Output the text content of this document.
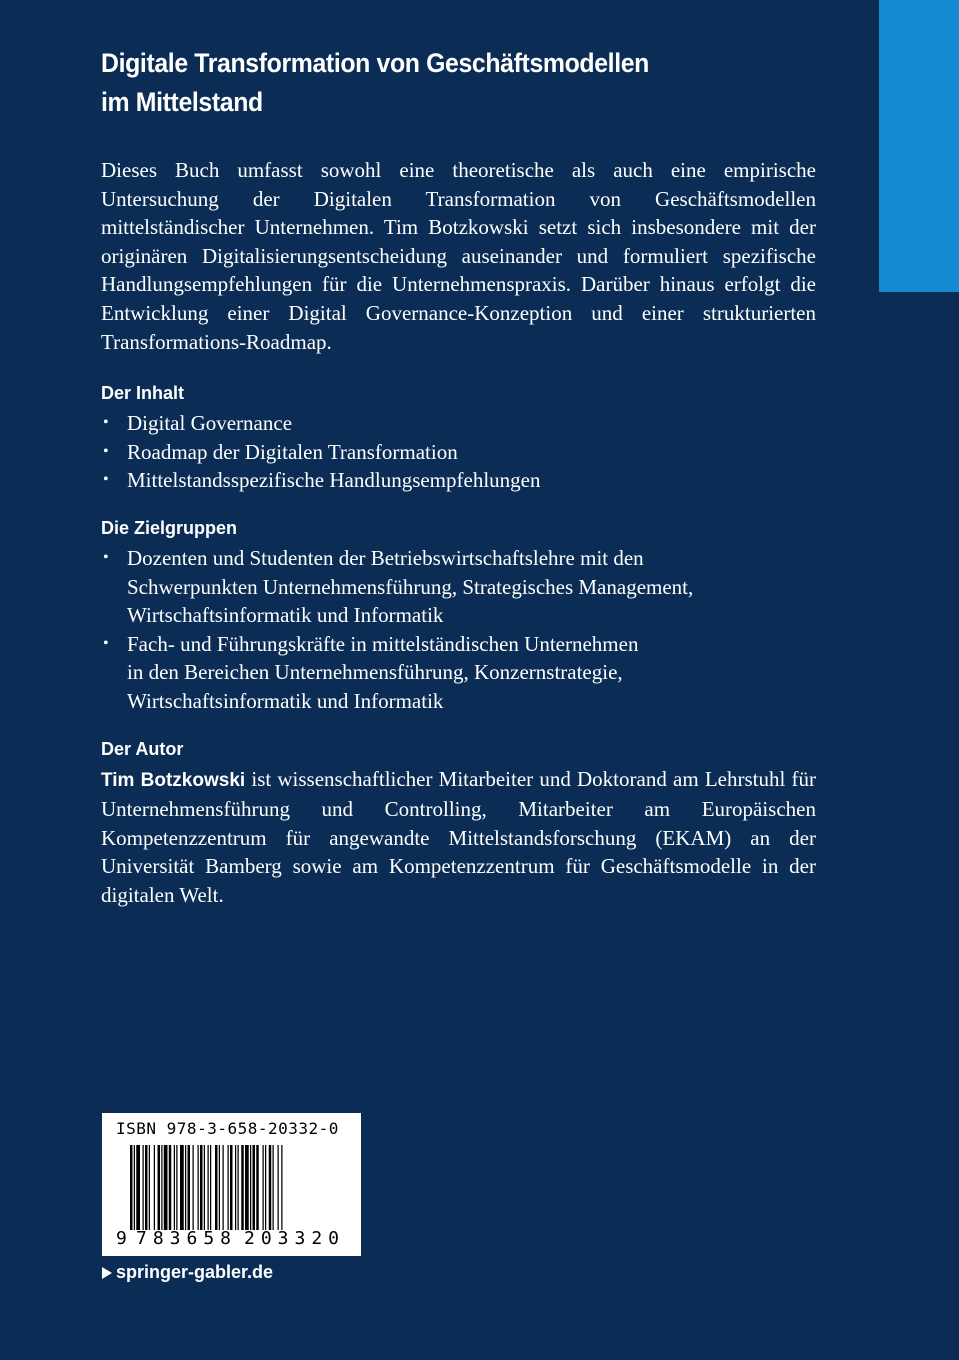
Digitale Transformation von Geschäftsmodellen
im Mittelstand

Dieses Buch umfasst sowohl eine theoretische als auch eine empirische Untersuchung der Digitalen Transformation von Geschäftsmodellen mittelständischer Unternehmen. Tim Botzkowski setzt sich insbesondere mit der originären Digitalisierungsentscheidung auseinander und formuliert spezifische Handlungsempfehlungen für die Unternehmenspraxis. Darüber hinaus erfolgt die Entwicklung einer Digital Governance-Konzeption und einer strukturierten Transformations-Roadmap.

Der Inhalt
• Digital Governance
• Roadmap der Digitalen Transformation
• Mittelstandsspezifische Handlungsempfehlungen
Die Zielgruppen
• Dozenten und Studenten der Betriebswirtschaftslehre mit den
Schwerpunkten Unternehmensführung, Strategisches Management,
Wirtschaftsinformatik und Informatik
• Fach- und Führungskräfte in mittelständischen Unternehmen
in den Bereichen Unternehmensführung, Konzernstrategie,
Wirtschaftsinformatik und Informatik
Der Autor

Tim Botzkowski ist wissenschaftlicher Mitarbeiter und Doktorand am Lehrstuhl für Unternehmensführung und Controlling, Mitarbeiter am Europäischen Kompetenzzentrum für angewandte Mittelstandsforschung (EKAM) an der Universität Bamberg sowie am Kompetenzzentrum für Geschäftsmodelle in der digitalen Welt.

ISBN 978-3-658-20332-0
9 783658 203320
springer-gabler.de
